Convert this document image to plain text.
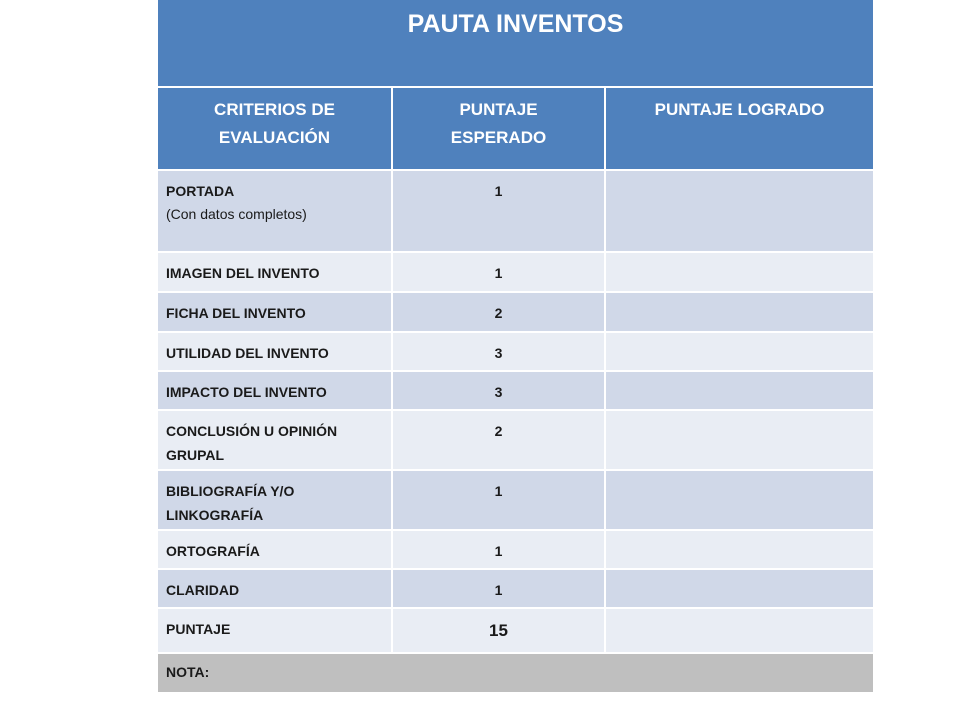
PAUTA INVENTOS		
CRITERIOS DE EVALUACIÓN	PUNTAJE ESPERADO	PUNTAJE LOGRADO
PORTADA
(Con datos completos)	1	
IMAGEN DEL INVENTO	1	
FICHA DEL INVENTO	2	
UTILIDAD DEL INVENTO	3	
IMPACTO DEL INVENTO	3	
CONCLUSIÓN U OPINIÓN GRUPAL	2	
BIBLIOGRAFÍA Y/O LINKOGRAFÍA	1	
ORTOGRAFÍA	1	
CLARIDAD	1	
PUNTAJE	15	
NOTA:		
